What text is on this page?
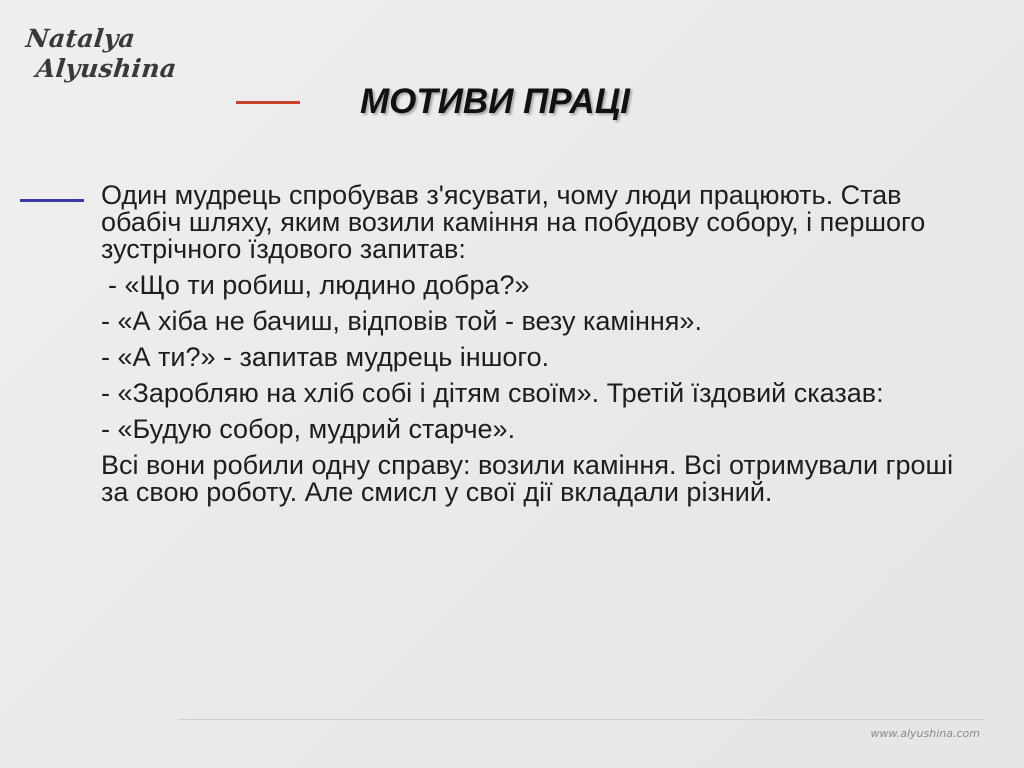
Natalya
Alyushina
МОТИВИ ПРАЦІ

Один мудрець спробував з'ясувати, чому люди працюють. Став обабіч шляху, яким возили каміння на побудову собору, і першого зустрічного їздового запитав:

- «Що ти робиш, людино добра?»

- «А хіба не бачиш, відповів той - везу каміння».

- «А ти?» - запитав мудрець іншого.

- «Заробляю на хліб собі і дітям своїм». Третій їздовий сказав:

- «Будую собор, мудрий старче».

Всі вони робили одну справу: возили каміння. Всі отримували гроші за свою роботу. Але смисл у свої дії вкладали різний.

www.alyushina.com
